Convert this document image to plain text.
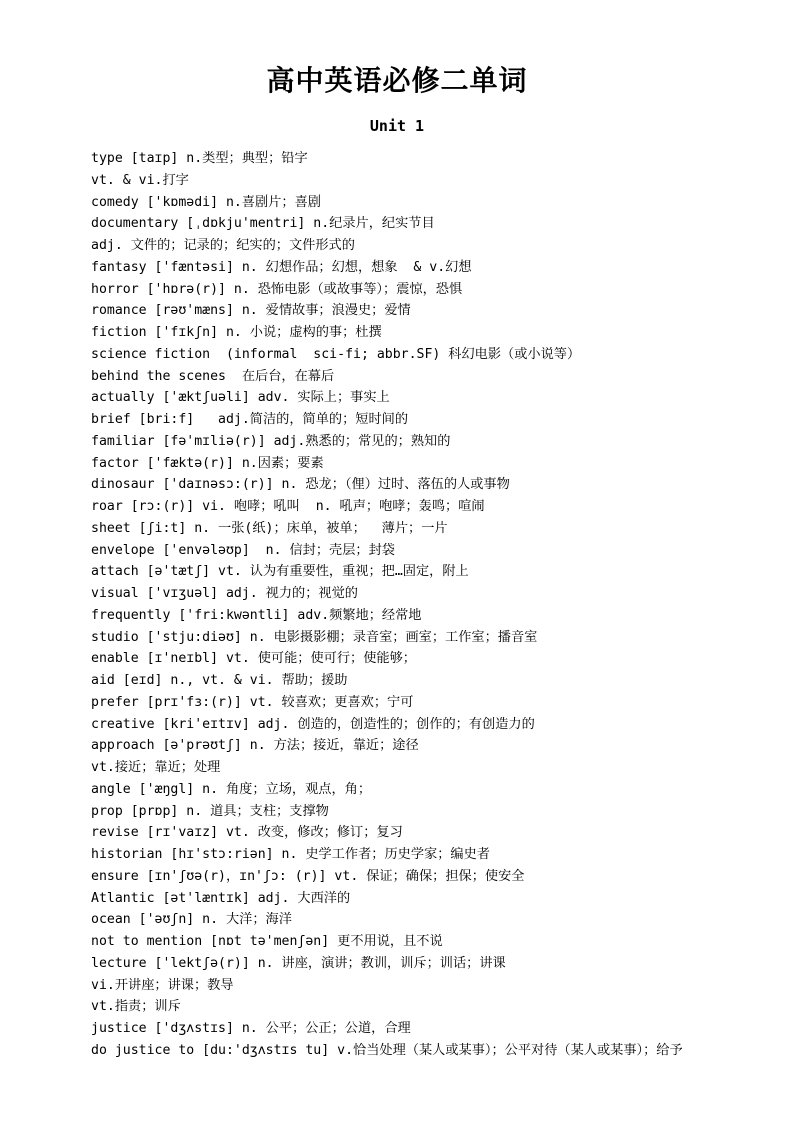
高中英语必修二单词
Unit 1
type [taɪp] n.类型；典型；铅字
vt. & vi.打字
comedy ['kɒmədi] n.喜剧片；喜剧
documentary [ˌdɒkju'mentri] n.纪录片，纪实节目
adj. 文件的；记录的；纪实的；文件形式的
fantasy ['fæntəsi] n. 幻想作品；幻想，想象  & v.幻想
horror ['hɒrə(r)] n. 恐怖电影（或故事等）；震惊，恐惧
romance [rəʊ'mæns] n. 爱情故事；浪漫史；爱情
fiction ['fɪkʃn] n. 小说；虚构的事；杜撰
science fiction  (informal  sci-fi; abbr.SF) 科幻电影（或小说等）
behind the scenes  在后台，在幕后
actually ['æktʃuəli] adv. 实际上；事实上
brief [bri:f]   adj.简洁的，简单的；短时间的
familiar [fə'mɪliə(r)] adj.熟悉的；常见的；熟知的
factor ['fæktə(r)] n.因素；要素
dinosaur ['daɪnəsɔ:(r)] n. 恐龙；（俚）过时、落伍的人或事物
roar [rɔ:(r)] vi. 咆哮；吼叫  n. 吼声；咆哮；轰鸣；喧闹
sheet [ʃi:t] n. 一张(纸)；床单，被单；  薄片；一片
envelope ['envələʊp]  n. 信封；壳层；封袋
attach [ə'tætʃ] vt. 认为有重要性，重视；把…固定，附上
visual ['vɪʒuəl] adj. 视力的；视觉的
frequently ['fri:kwəntli] adv.频繁地；经常地
studio ['stju:diəʊ] n. 电影摄影棚；录音室；画室；工作室；播音室
enable [ɪ'neɪbl] vt. 使可能；使可行；使能够；
aid [eɪd] n., vt. & vi. 帮助；援助
prefer [prɪ'fɜ:(r)] vt. 较喜欢；更喜欢；宁可
creative [kri'eɪtɪv] adj. 创造的，创造性的；创作的；有创造力的
approach [ə'prəʊtʃ] n. 方法；接近，靠近；途径
vt.接近；靠近；处理
angle ['æŋgl] n. 角度；立场，观点，角；
prop [prɒp] n. 道具；支柱；支撑物
revise [rɪ'vaɪz] vt. 改变，修改；修订；复习
historian [hɪ'stɔ:riən] n. 史学工作者；历史学家；编史者
ensure [ɪn'ʃʊə(r)，ɪn'ʃɔ: (r)] vt. 保证；确保；担保；使安全
Atlantic [ət'læntɪk] adj. 大西洋的
ocean ['əʊʃn] n. 大洋；海洋
not to mention [nɒt tə'menʃən] 更不用说，且不说
lecture ['lektʃə(r)] n. 讲座，演讲；教训，训斥；训话；讲课
vi.开讲座；讲课；教导
vt.指责；训斥
justice ['dʒʌstɪs] n. 公平；公正；公道，合理
do justice to [du:'dʒʌstɪs tu] v.恰当处理（某人或某事）；公平对待（某人或某事）；给予
